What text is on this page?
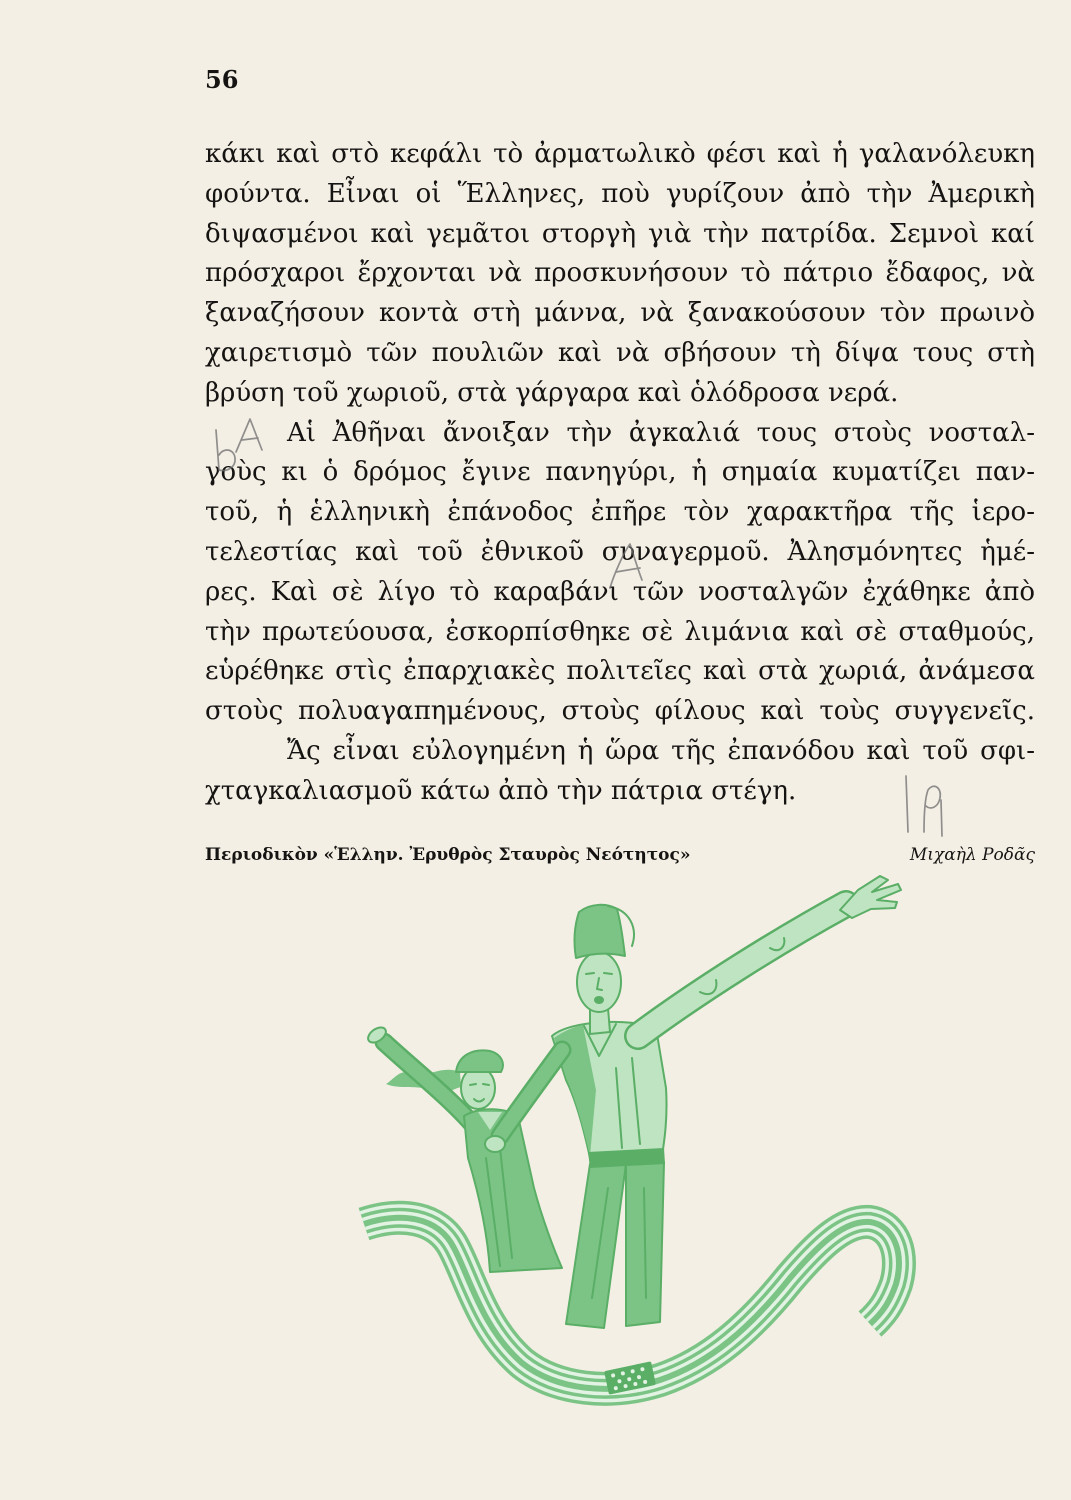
56
κάκι καὶ στὸ κεφάλι τὸ ἀρματωλικὸ φέσι καὶ ἡ γαλανόλευκη
φούντα. Εἶναι οἱ Ἕλληνες, ποὺ γυρίζουν ἀπὸ τὴν Ἀμερικὴ
διψασμένοι καὶ γεμᾶτοι στοργὴ γιὰ τὴν πατρίδα. Σεμνοὶ καί
πρόσχαροι ἔρχονται νὰ προσκυνήσουν τὸ πάτριο ἔδαφος, νὰ
ξαναζήσουν κοντὰ στὴ μάννα, νὰ ξανακούσουν τὸν πρωινὸ
χαιρετισμὸ τῶν πουλιῶν καὶ νὰ σβήσουν τὴ δίψα τους στὴ
βρύση τοῦ χωριοῦ, στὰ γάργαρα καὶ ὁλόδροσα νερά.
Αἱ Ἀθῆναι ἄνοιξαν τὴν ἀγκαλιά τους στοὺς νοσταλ-
γοὺς κι ὁ δρόμος ἔγινε πανηγύρι, ἡ σημαία κυματίζει παν-
τοῦ, ἡ ἑλληνικὴ ἐπάνοδος ἐπῆρε τὸν χαρακτῆρα τῆς ἱερο-
τελεστίας καὶ τοῦ ἐθνικοῦ συναγερμοῦ. Ἀλησμόνητες ἡμέ-
ρες. Καὶ σὲ λίγο τὸ καραβάνι τῶν νοσταλγῶν ἐχάθηκε ἀπὸ
τὴν πρωτεύουσα, ἐσκορπίσθηκε σὲ λιμάνια καὶ σὲ σταθμούς,
εὑρέθηκε στὶς ἐπαρχιακὲς πολιτεῖες καὶ στὰ χωριά, ἀνάμεσα
στοὺς πολυαγαπημένους, στοὺς φίλους καὶ τοὺς συγγενεῖς.
Ἄς εἶναι εὐλογημένη ἡ ὥρα τῆς ἐπανόδου καὶ τοῦ σφι-
χταγκαλιασμοῦ κάτω ἀπὸ τὴν πάτρια στέγη.
Περιοδικὸν «Ἑλλην. Ἐρυθρὸς Σταυρὸς Νεότητος»	Μιχαὴλ Ροδᾶς
